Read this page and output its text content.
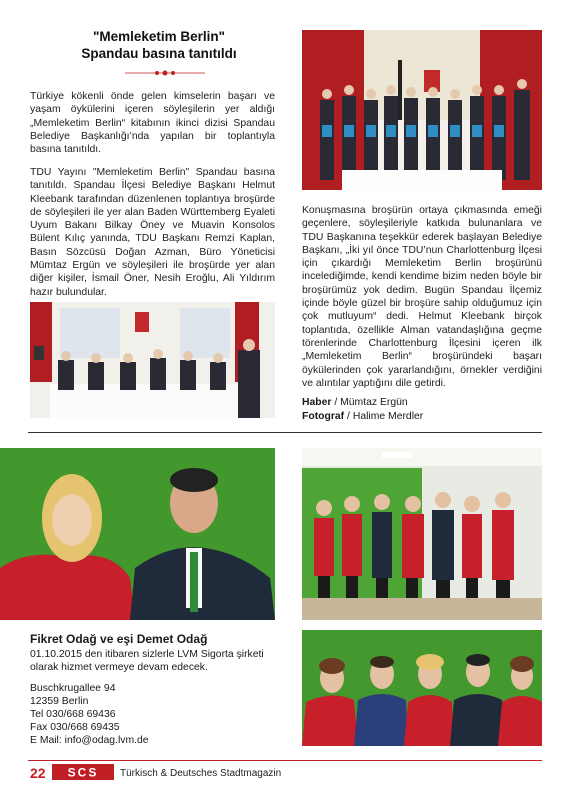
"Memleketim Berlin"
Spandau basına tanıtıldı
Türkiye kökenli önde gelen kimselerin başarı ve yaşam öykülerini içeren söyleşilerin yer aldığı „Memleketim Berlin“ kitabının ikinci dizisi Spandau Belediye Başkanlığı’nda yapılan bir toplantıyla basına tanıtıldı.
TDU Yayını "Memleketim Berlin" Spandau basına tanıtıldı. Spandau İlçesi Belediye Başkanı Helmut Kleebank tarafından düzenlenen toplantıya broşürde de söyleşileri ile yer alan Baden Württemberg Eyaleti Uyum Bakanı Bilkay Öney ve Muavin Konsolos Bülent Kılıç yanında, TDU Başkanı Remzi Kaplan, Basın Sözcüsü Doğan Azman, Büro Yöneticisi Mümtaz Ergün ve söyleşileri ile broşürde yer alan diğer kişiler, İsmail Öner, Nesih Eroğlu, Ali Yıldırım hazır bulundular.
Konuşmasına broşürün ortaya çıkmasında emeği geçenlere, söyleşileriyle katkıda bulunanlara ve TDU Başkanına teşekkür ederek başlayan Belediye Başkanı, „İki yıl önce TDU’nun Charlottenburg İlçesi için çıkardığı Memleketim Berlin broşürünü incelediğimde, kendi kendime bizim neden böyle bir broşürümüz yok dedim. Bugün Spandau İlçemiz içinde böyle güzel bir broşüre sahip olduğumuz için çok mutluyum“ dedi. Helmut Kleebank birçok toplantıda, özellikle Alman vatandaşlığına geçme törenlerinde Charlottenburg İlçesini içeren ilk „Memleketim Berlin“ broşüründeki başarı öykülerinden çok yararlandığını, örnekler verdiğini ve alıntılar yaptığını dile getirdi.
Haber / Mümtaz Ergün
Fotograf / Halime Merdler
Fikret Odağ ve eşi Demet Odağ
01.10.2015 den itibaren sizlerle LVM Sigorta şirketi olarak hizmet vermeye devam edecek.
Buschkrugallee 94
12359 Berlin
Tel 030/668 69436
Fax 030/668 69435
E Mail: info@odag.lvm.de
22 SCS Türkisch & Deutsches Stadtmagazin
